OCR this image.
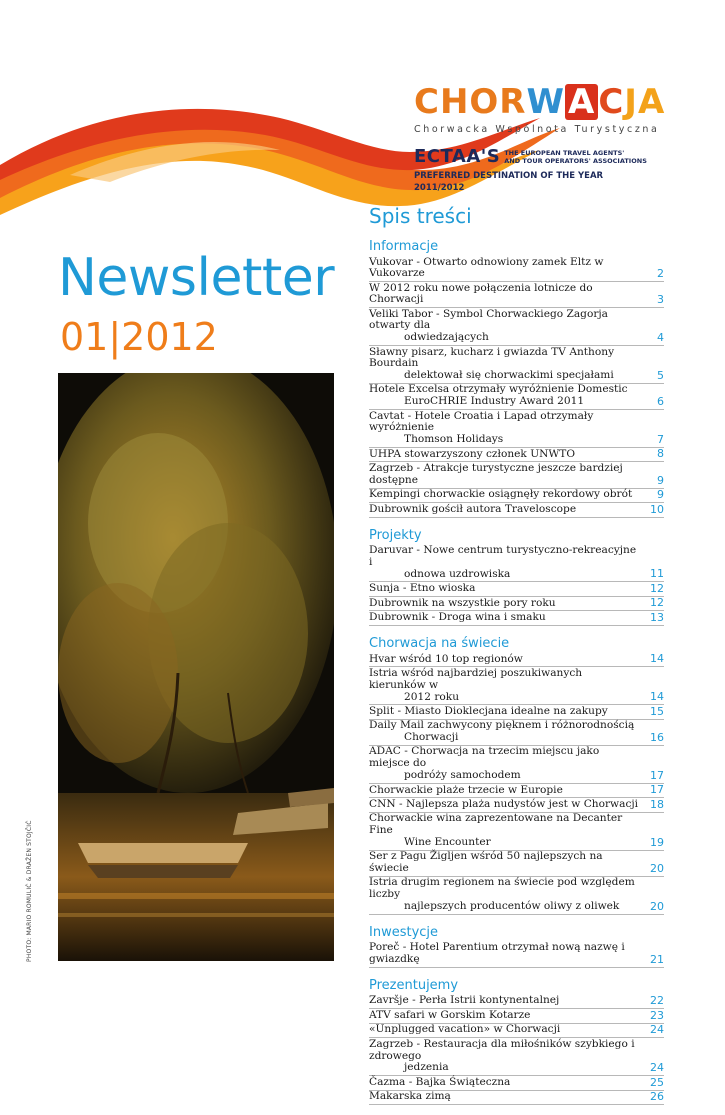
CHORWACJA
Chorwacka Wspólnota Turystyczna
ECTAA'S THE EUROPEAN TRAVEL AGENTS'
AND TOUR OPERATORS' ASSOCIATIONS
PREFERRED DESTINATION OF THE YEAR
2011/2012
Newsletter
01|2012
PHOTO: MARIO ROMULIĆ & DRAŽEN STOJČIĆ
Spis treści
Informacje
Vukovar - Otwarto odnowiony zamek Eltz w Vukovarze	2
W 2012 roku nowe połączenia lotnicze do Chorwacji	3
Veliki Tabor - Symbol Chorwackiego Zagorja otwarty dla
odwiedzających	4
Sławny pisarz, kucharz i gwiazda TV Anthony Bourdain
delektował się chorwackimi specjałami	5
Hotele Excelsa otrzymały wyróżnienie Domestic
EuroCHRIE Industry Award 2011	6
Cavtat - Hotele Croatia i Lapad otrzymały wyróżnienie
Thomson Holidays	7
UHPA stowarzyszony członek UNWTO	8
Zagrzeb - Atrakcje turystyczne jeszcze bardziej dostępne	9
Kempingi chorwackie osiągnęły rekordowy obrót	9
Dubrownik gościł autora Traveloscope	10
Projekty
Daruvar - Nowe centrum turystyczno-rekreacyjne i
odnowa uzdrowiska	11
Sunja - Etno wioska	12
Dubrownik na wszystkie pory roku	12
Dubrownik - Droga wina i smaku	13
Chorwacja na świecie
Hvar wśród 10 top regionów	14
Istria wśród najbardziej poszukiwanych kierunków w
2012 roku	14
Split - Miasto Dioklecjana idealne na zakupy	15
Daily Mail zachwycony pięknem i różnorodnością
Chorwacji	16
ADAC - Chorwacja na trzecim miejscu jako miejsce do
podróży samochodem	17
Chorwackie plaże trzecie w Europie	17
CNN - Najlepsza plaża nudystów jest w Chorwacji	18
Chorwackie wina zaprezentowane na Decanter Fine
Wine Encounter	19
Ser z Pagu Žigljen wśród 50 najlepszych na świecie	20
Istria drugim regionem na świecie pod względem liczby
najlepszych producentów oliwy z oliwek	20
Inwestycje
Poreč - Hotel Parentium otrzymał nową nazwę i gwiazdkę	21
Prezentujemy
Završje - Perła Istrii kontynentalnej	22
ATV safari w Gorskim Kotarze	23
«Unplugged vacation» w Chorwacji	24
Zagrzeb - Restauracja dla miłośników szybkiego i zdrowego
jedzenia	24
Čazma - Bajka Świąteczna	25
Makarska zimą	26
